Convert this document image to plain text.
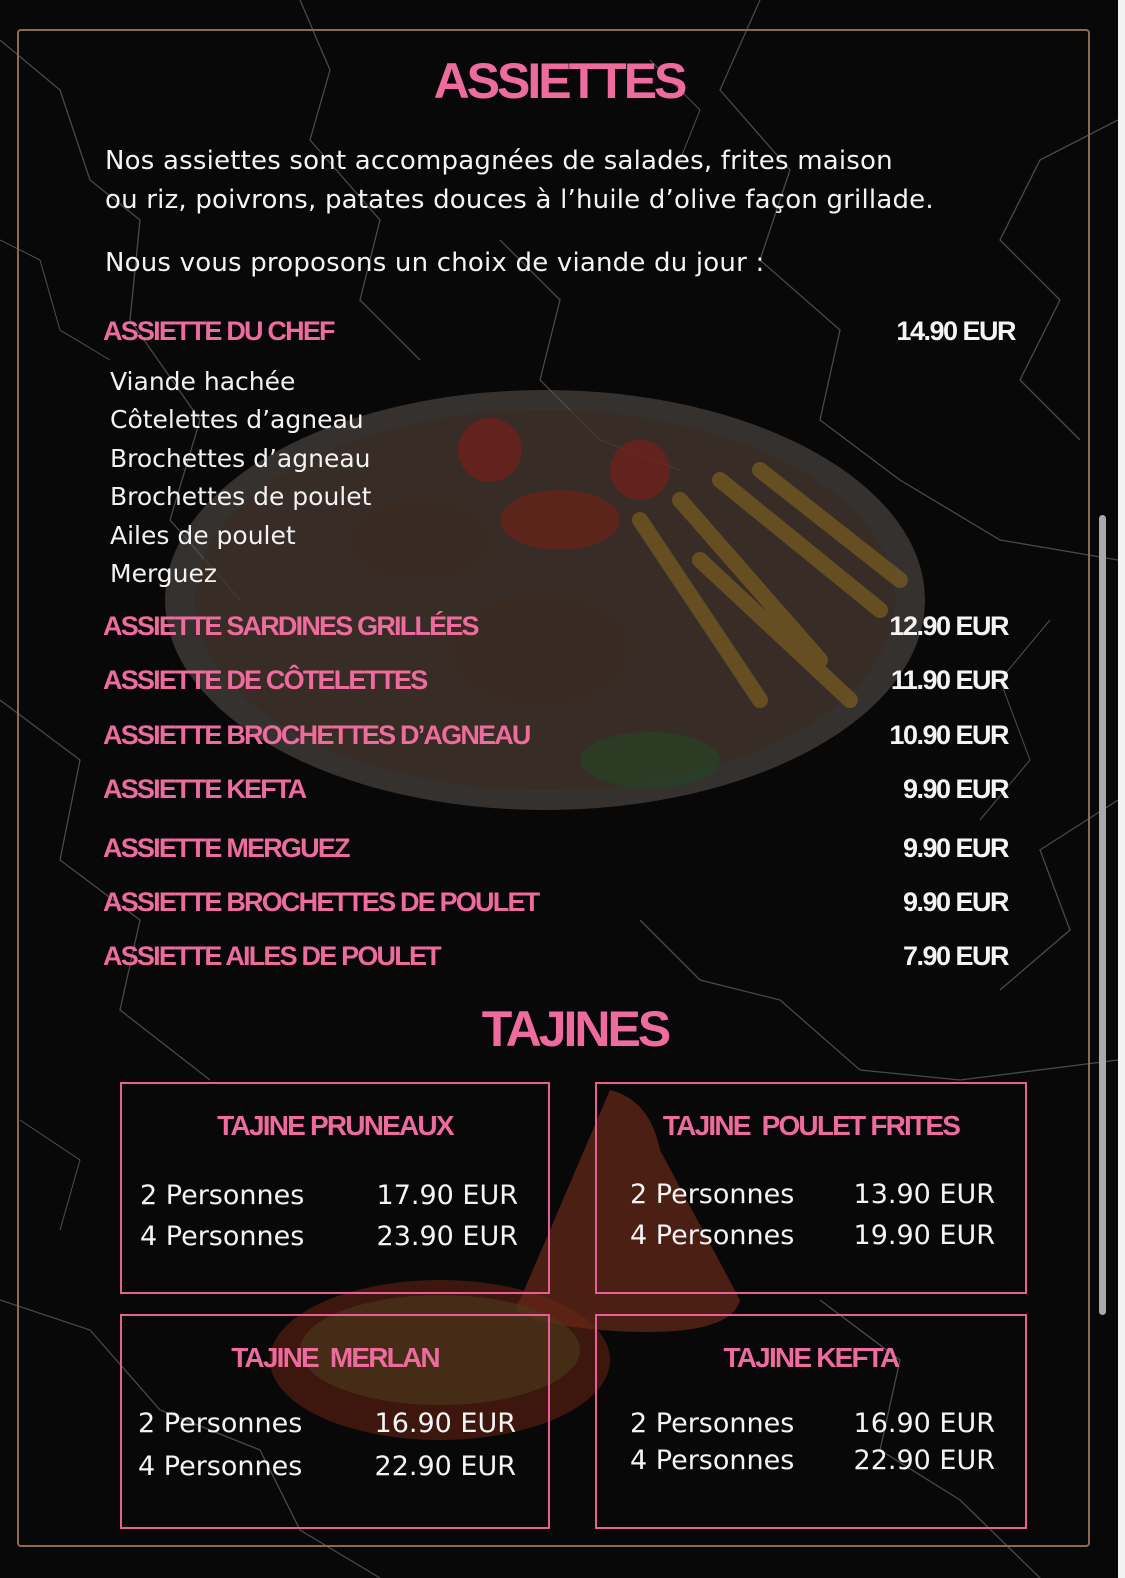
ASSIETTES
Nos assiettes sont accompagnées de salades, frites maison
ou riz, poivrons, patates douces à l’huile d’olive façon grillade.
Nous vous proposons un choix de viande du jour :
ASSIETTE DU CHEF	14.90 EUR
Viande hachée
Côtelettes d’agneau
Brochettes d’agneau
Brochettes de poulet
Ailes de poulet
Merguez
ASSIETTE SARDINES GRILLÉES	12.90 EUR
ASSIETTE DE CÔTELETTES	11.90 EUR
ASSIETTE BROCHETTES D’AGNEAU	10.90 EUR
ASSIETTE KEFTA	9.90 EUR
ASSIETTE MERGUEZ	9.90 EUR
ASSIETTE BROCHETTES DE POULET	9.90 EUR
ASSIETTE AILES DE POULET	7.90 EUR
TAJINES
TAJINE PRUNEAUX
2 Personnes	17.90 EUR
4 Personnes	23.90 EUR
TAJINE  POULET FRITES
2 Personnes 13.90 EUR
4 Personnes 19.90 EUR
TAJINE  MERLAN
2 Personnes	16.90 EUR
4 Personnes	22.90 EUR
TAJINE KEFTA
2 Personnes 16.90 EUR
4 Personnes 22.90 EUR
